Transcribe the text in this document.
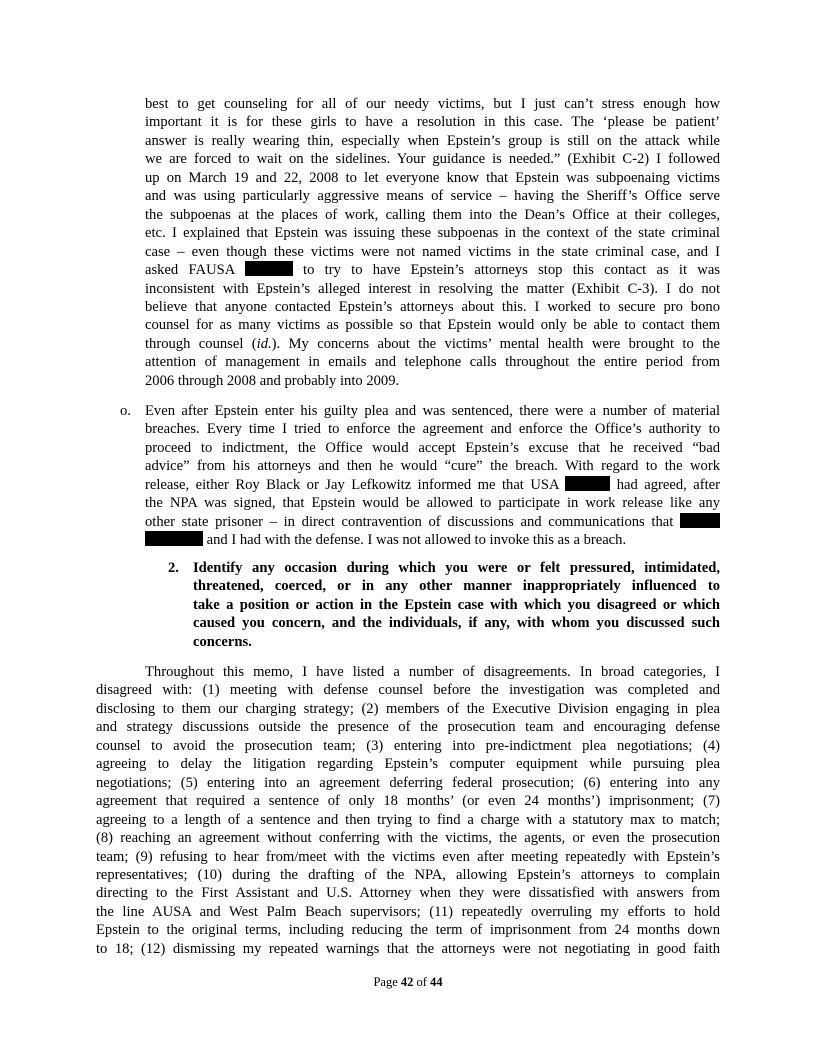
best to get counseling for all of our needy victims, but I just can’t stress enough how
important it is for these girls to have a resolution in this case. The ‘please be patient’
answer is really wearing thin, especially when Epstein’s group is still on the attack while
we are forced to wait on the sidelines. Your guidance is needed.” (Exhibit C-2) I followed
up on March 19 and 22, 2008 to let everyone know that Epstein was subpoenaing victims
and was using particularly aggressive means of service – having the Sheriff’s Office serve
the subpoenas at the places of work, calling them into the Dean’s Office at their colleges,
etc. I explained that Epstein was issuing these subpoenas in the context of the state criminal
case – even though these victims were not named victims in the state criminal case, and I
asked FAUSA	to try to have Epstein’s attorneys stop this contact as it was
inconsistent with Epstein’s alleged interest in resolving the matter (Exhibit C-3). I do not
believe that anyone contacted Epstein’s attorneys about this. I worked to secure pro bono
counsel for as many victims as possible so that Epstein would only be able to contact them
through counsel (id.). My concerns about the victims’ mental health were brought to the
attention of management in emails and telephone calls throughout the entire period from
2006 through 2008 and probably into 2009.
o. Even after Epstein enter his guilty plea and was sentenced, there were a number of material
breaches. Every time I tried to enforce the agreement and enforce the Office’s authority to
proceed to indictment, the Office would accept Epstein’s excuse that he received “bad
advice” from his attorneys and then he would “cure” the breach. With regard to the work
release, either Roy Black or Jay Lefkowitz informed me that USA	had agreed, after
the NPA was signed, that Epstein would be allowed to participate in work release like any
other state prisoner – in direct contravention of discussions and communications that
and I had with the defense. I was not allowed to invoke this as a breach.
2. Identify any occasion during which you were or felt pressured, intimidated,
threatened, coerced, or in any other manner inappropriately influenced to
take a position or action in the Epstein case with which you disagreed or which
caused you concern, and the individuals, if any, with whom you discussed such
concerns.
Throughout this memo, I have listed a number of disagreements. In broad categories, I
disagreed with: (1) meeting with defense counsel before the investigation was completed and
disclosing to them our charging strategy; (2) members of the Executive Division engaging in plea
and strategy discussions outside the presence of the prosecution team and encouraging defense
counsel to avoid the prosecution team; (3) entering into pre-indictment plea negotiations; (4)
agreeing to delay the litigation regarding Epstein’s computer equipment while pursuing plea
negotiations; (5) entering into an agreement deferring federal prosecution; (6) entering into any
agreement that required a sentence of only 18 months’ (or even 24 months’) imprisonment; (7)
agreeing to a length of a sentence and then trying to find a charge with a statutory max to match;
(8) reaching an agreement without conferring with the victims, the agents, or even the prosecution
team; (9) refusing to hear from/meet with the victims even after meeting repeatedly with Epstein’s
representatives; (10) during the drafting of the NPA, allowing Epstein’s attorneys to complain
directing to the First Assistant and U.S. Attorney when they were dissatisfied with answers from
the line AUSA and West Palm Beach supervisors; (11) repeatedly overruling my efforts to hold
Epstein to the original terms, including reducing the term of imprisonment from 24 months down
to 18; (12) dismissing my repeated warnings that the attorneys were not negotiating in good faith
Page 42 of 44
